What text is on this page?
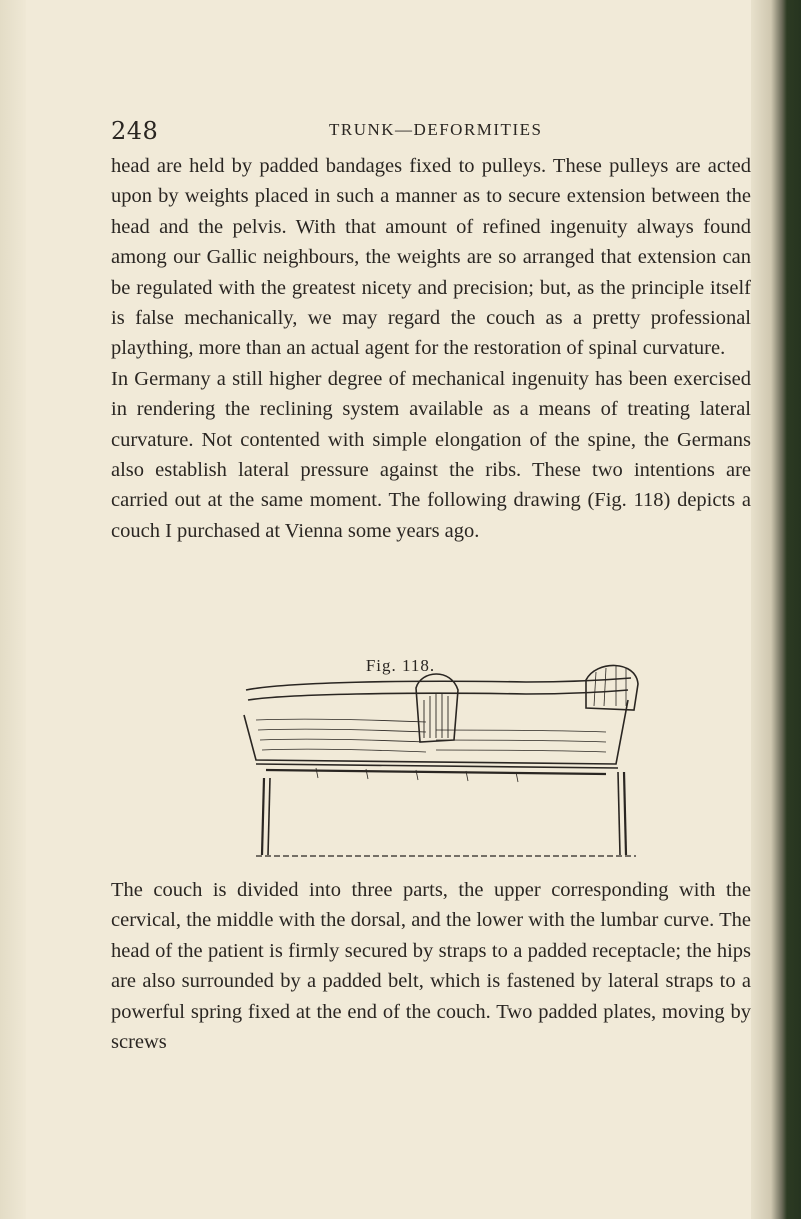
248	TRUNK—DEFORMITIES

head are held by padded bandages fixed to pulleys. These pulleys are acted upon by weights placed in such a manner as to secure extension between the head and the pelvis. With that amount of refined ingenuity always found among our Gallic neighbours, the weights are so arranged that extension can be regulated with the greatest nicety and precision; but, as the principle itself is false mechanically, we may regard the couch as a pretty professional plaything, more than an actual agent for the restoration of spinal curvature.

In Germany a still higher degree of mechanical ingenuity has been exercised in rendering the reclining system available as a means of treating lateral curvature. Not contented with simple elongation of the spine, the Germans also establish lateral pressure against the ribs. These two intentions are carried out at the same moment. The following drawing (Fig. 118) depicts a couch I purchased at Vienna some years ago.

Fig. 118.

The couch is divided into three parts, the upper corresponding with the cervical, the middle with the dorsal, and the lower with the lumbar curve. The head of the patient is firmly secured by straps to a padded receptacle; the hips are also surrounded by a padded belt, which is fastened by lateral straps to a powerful spring fixed at the end of the couch. Two padded plates, moving by screws
